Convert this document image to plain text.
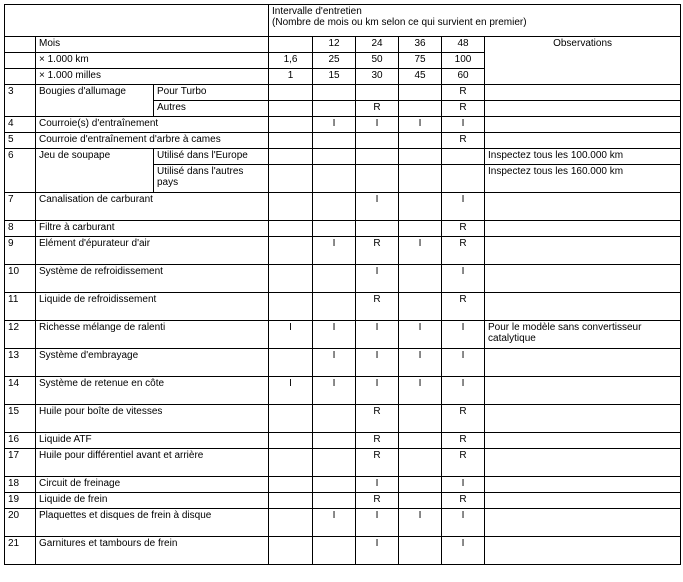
			Intervalle d'entretien
(Nombre de mois ou km selon ce qui survient en premier)					

	Mois			12	24	36	48	Observations
	× 1.000 km		1,6	25	50	75	100	
	× 1.000 milles		1	15	30	45	60	
3	Bougies d'allumage	Pour Turbo					R	
		Autres			R		R	
4	Courroie(s) d'entraînement			I	I	I	I	
5	Courroie d'entraînement d'arbre à cames						R	
6	Jeu de soupape	Utilisé dans l'Europe						Inspectez tous les 100.000 km
		Utilisé dans l'autres pays						Inspectez tous les 160.000 km
7	Canalisation de carburant				I		I	
8	Filtre à carburant						R	
9	Elément d'épurateur d'air			I	R	I	R	
10	Système de refroidissement				I		I	
11	Liquide de refroidissement				R		R	
12	Richesse mélange de ralenti		I	I	I	I	I	Pour le modèle sans convertisseur catalytique
13	Système d'embrayage			I	I	I	I	
14	Système de retenue en côte		I	I	I	I	I	
15	Huile pour boîte de vitesses				R		R	
16	Liquide ATF				R		R	
17	Huile pour différentiel avant et arrière				R		R	
18	Circuit de freinage				I		I	
19	Liquide de frein				R		R	
20	Plaquettes et disques de frein à disque			I	I	I	I	
21	Garnitures et tambours de frein				I		I	
